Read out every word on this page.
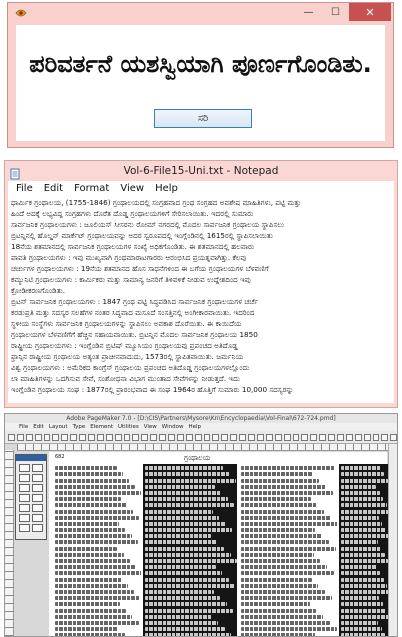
—	☐	✕
ಪರಿವರ್ತನೆ ಯಶಸ್ವಿಯಾಗಿ ಪೂರ್ಣಗೊಂಡಿತು.
ಸರಿ
Vol-6-File15-Uni.txt - Notepad
File Edit Format View Help
ಧಾರ್ಮಿಕ ಗ್ರಂಥಾಲಯ, (1755-1846) ಗ್ರಂಥಾಲಯದಲ್ಲಿ ಸಂಗ್ರಹವಾದ ಗ್ರಂಥ ಸಂಗ್ರಹದ ಅವಶೇಷ ಮಾಹಿತಿಗಳು, ಪಟ್ಟಿ ಮತ್ತು
ಹಿಂದೆ ಅದಕ್ಕೆ ಲಭ್ಯವಿದ್ದ ಸಂಗ್ರಹಗಳು ದೊರೆತ ದೊಡ್ಡ ಗ್ರಂಥಾಲಯಗಳಿಗೆ ಸೇರಿಸಲಾಯಿತು. ಇದರಲ್ಲಿ ಸುಮಾರು
ಸಾರ್ವಜನಿಕ ಗ್ರಂಥಾಲಯಗಳು : ಜೂಲಿಯಸ್ ಸೀಸರನು ರೋಮ್ ನಗರದಲ್ಲಿ ಮೊದಲ ಸಾರ್ವಜನಿಕ ಗ್ರಂಥಾಲಯ ಸ್ಥಾಪಿಸಲು
ಬ್ರಿಟನ್ನಿನಲ್ಲಿ ಹೊಲ್ಡನ್ ಮಾರ್ಕೆಟ್ ಗ್ರಂಥಾಲಯವನ್ನು ಅದರ ಸ್ವರೂಪದಲ್ಲಿ ಇಂಗ್ಲೆಂಡಿನಲ್ಲಿ 1615ರಲ್ಲಿ ಸ್ಥಾಪಿಸಲಾಯಿತು
18ನೆಯ ಶತಮಾನದಲ್ಲಿ ಸಾರ್ವಜನಿಕ ಗ್ರಂಥಾಲಯಗಳ ಸಂಖ್ಯೆ ಅಧಿಕಗೊಂಡಿತು. ಈ ಶತಮಾನದಲ್ಲಿ ಹಲವಾರು
ಪಾವತಿ ಗ್ರಂಥಾಲಯಗಳು : ಇವು ಮುಖ್ಯವಾಗಿ ಗ್ರಂಥಮಾರಾಟಗಾರರು ಆರಂಭಿಸಿದ ಪ್ರಯತ್ನವಾಗಿತ್ತು. ಕೆಲವು
ಚರ್ಚುಗಳ ಗ್ರಂಥಾಲಯಗಳು : 19ನೆಯ ಶತಮಾನದ ಹೊಸ ಸಾಧನೆಗಳಿಂದ ಈ ಬಗೆಯ ಗ್ರಂಥಾಲಯಗಳ ಬೆಳವಣಿಗೆ
ಕಮ್ಯುನಿಟಿ ಗ್ರಂಥಾಲಯಗಳು : ಕಾರ್ಮಿಕರು ಮತ್ತು ಸಾಮಾನ್ಯ ಜನರಿಗೆ ತಿಳಿವಳಿಕೆ ನೀಡುವ ಉದ್ದೇಶದಿಂದ ಇವು
ಕ್ರೋಡೀಕರಣಗೊಂಡಿತು.
ಬ್ರಿಟನ್ ಸಾರ್ವಜನಿಕ ಗ್ರಂಥಾಲಯಗಳು : 1847 ಗ್ರಂಥ ಪಟ್ಟಿ ಸಿದ್ಧಪಡಿಸಿದ ಸಾರ್ವಜನಿಕ ಗ್ರಂಥಾಲಯಗಳ ಚರ್ಚೆ
ಕರಡುಪ್ರತಿ ಮತ್ತು ಸದಸ್ಯರ ಸಲಹೆಗಳ ನಂತರ ಸಿದ್ಧವಾದ ಮಸೂದೆ ಸಂಸತ್ತಿನಲ್ಲಿ ಅಂಗೀಕಾರವಾಯಿತು. ಇದರಿಂದ
ಸ್ಥಳೀಯ ಸಂಸ್ಥೆಗಳು ಸಾರ್ವಜನಿಕ ಗ್ರಂಥಾಲಯಗಳನ್ನು ಸ್ಥಾಪಿಸಲು ಅವಕಾಶ ದೊರೆಯಿತು. ಈ ಕಾಯಿದೆಯ
ಗ್ರಂಥಾಲಯಗಳ ಬೆಳವಣಿಗೆಗೆ ಹೆಚ್ಚಿನ ಸಹಾಯವಾಯಿತು. ಬ್ರಿಟನ್ನಿನ ಮೊದಲ ಸಾರ್ವಜನಿಕ ಗ್ರಂಥಾಲಯ 1850
ರಾಷ್ಟ್ರೀಯ ಗ್ರಂಥಾಲಯಗಳು : ಇಂಗ್ಲೆಂಡಿನ ಬ್ರಿಟಿಷ್ ಮ್ಯೂಸಿಯಂ ಗ್ರಂಥಾಲಯವು ಪ್ರಪಂಚದ ಅತಿದೊಡ್ಡ
ಫ್ರಾನ್ಸಿನ ರಾಷ್ಟ್ರೀಯ ಗ್ರಂಥಾಲಯ ಅತ್ಯಂತ ಪ್ರಾಚೀನವಾದುದು, 1573ರಲ್ಲಿ ಸ್ಥಾಪಿತವಾಯಿತು. ಜರ್ಮನಿಯ
ವಿಶ್ವ ಗ್ರಂಥಾಲಯಗಳು : ಅಮೆರಿಕದ ಕಾಂಗ್ರೆಸ್ ಗ್ರಂಥಾಲಯ ಪ್ರಪಂಚದ ಅತಿದೊಡ್ಡ ಗ್ರಂಥಾಲಯಗಳಲ್ಲೊಂದು
ಲಾ ಮಾಹಿತಿಗಳನ್ನು ಒದಗಿಸುವ ಸೇವೆ, ಸಂಶೋಧನಾ ವಿಭಾಗ ಮುಂತಾದ ಸೇವೆಗಳನ್ನು ನೀಡುತ್ತದೆ. ಇದು
ಇಂಗ್ಲೆಂಡಿನ ಗ್ರಂಥಾಲಯ ಸಂಘ : 1877ರಲ್ಲಿ ಪ್ರಾರಂಭವಾದ ಈ ಸಂಘ 1964ರ ಹೊತ್ತಿಗೆ ಸುಮಾರು 10,000 ಸದಸ್ಯರನ್ನು
Adobe PageMaker 7.0 - [D:\CIS\Partners\Mysore\Kn\Encyclopaedia\Vol-Final\672-724.pmd]
File Edit Layout Type Element Utilities View Window Help
682	ಗ್ರಂಥಾಲಯ
